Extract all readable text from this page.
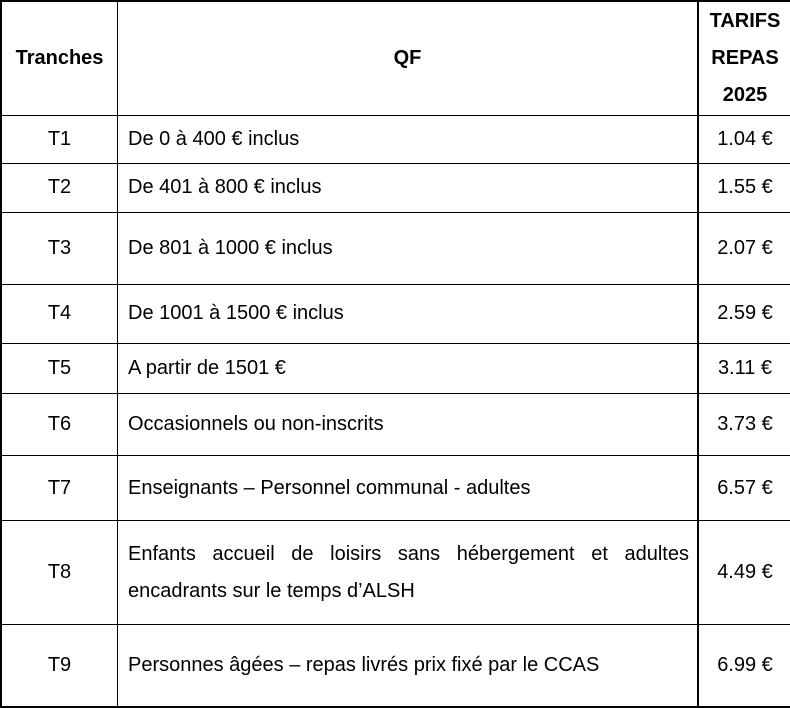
Tranches	QF	TARIFS
REPAS
2025

T1	De 0 à 400 € inclus	1.04 €
T2	De 401 à 800 € inclus	1.55 €
T3	De 801 à 1000 € inclus	2.07 €
T4	De 1001 à 1500 € inclus	2.59 €
T5	A partir de 1501 €	3.11 €
T6	Occasionnels ou non-inscrits	3.73 €
T7	Enseignants – Personnel communal - adultes	6.57 €
T8	Enfants accueil de loisirs sans hébergement et adultes encadrants sur le temps d’ALSH	4.49 €
T9	Personnes âgées – repas livrés prix fixé par le CCAS	6.99 €
